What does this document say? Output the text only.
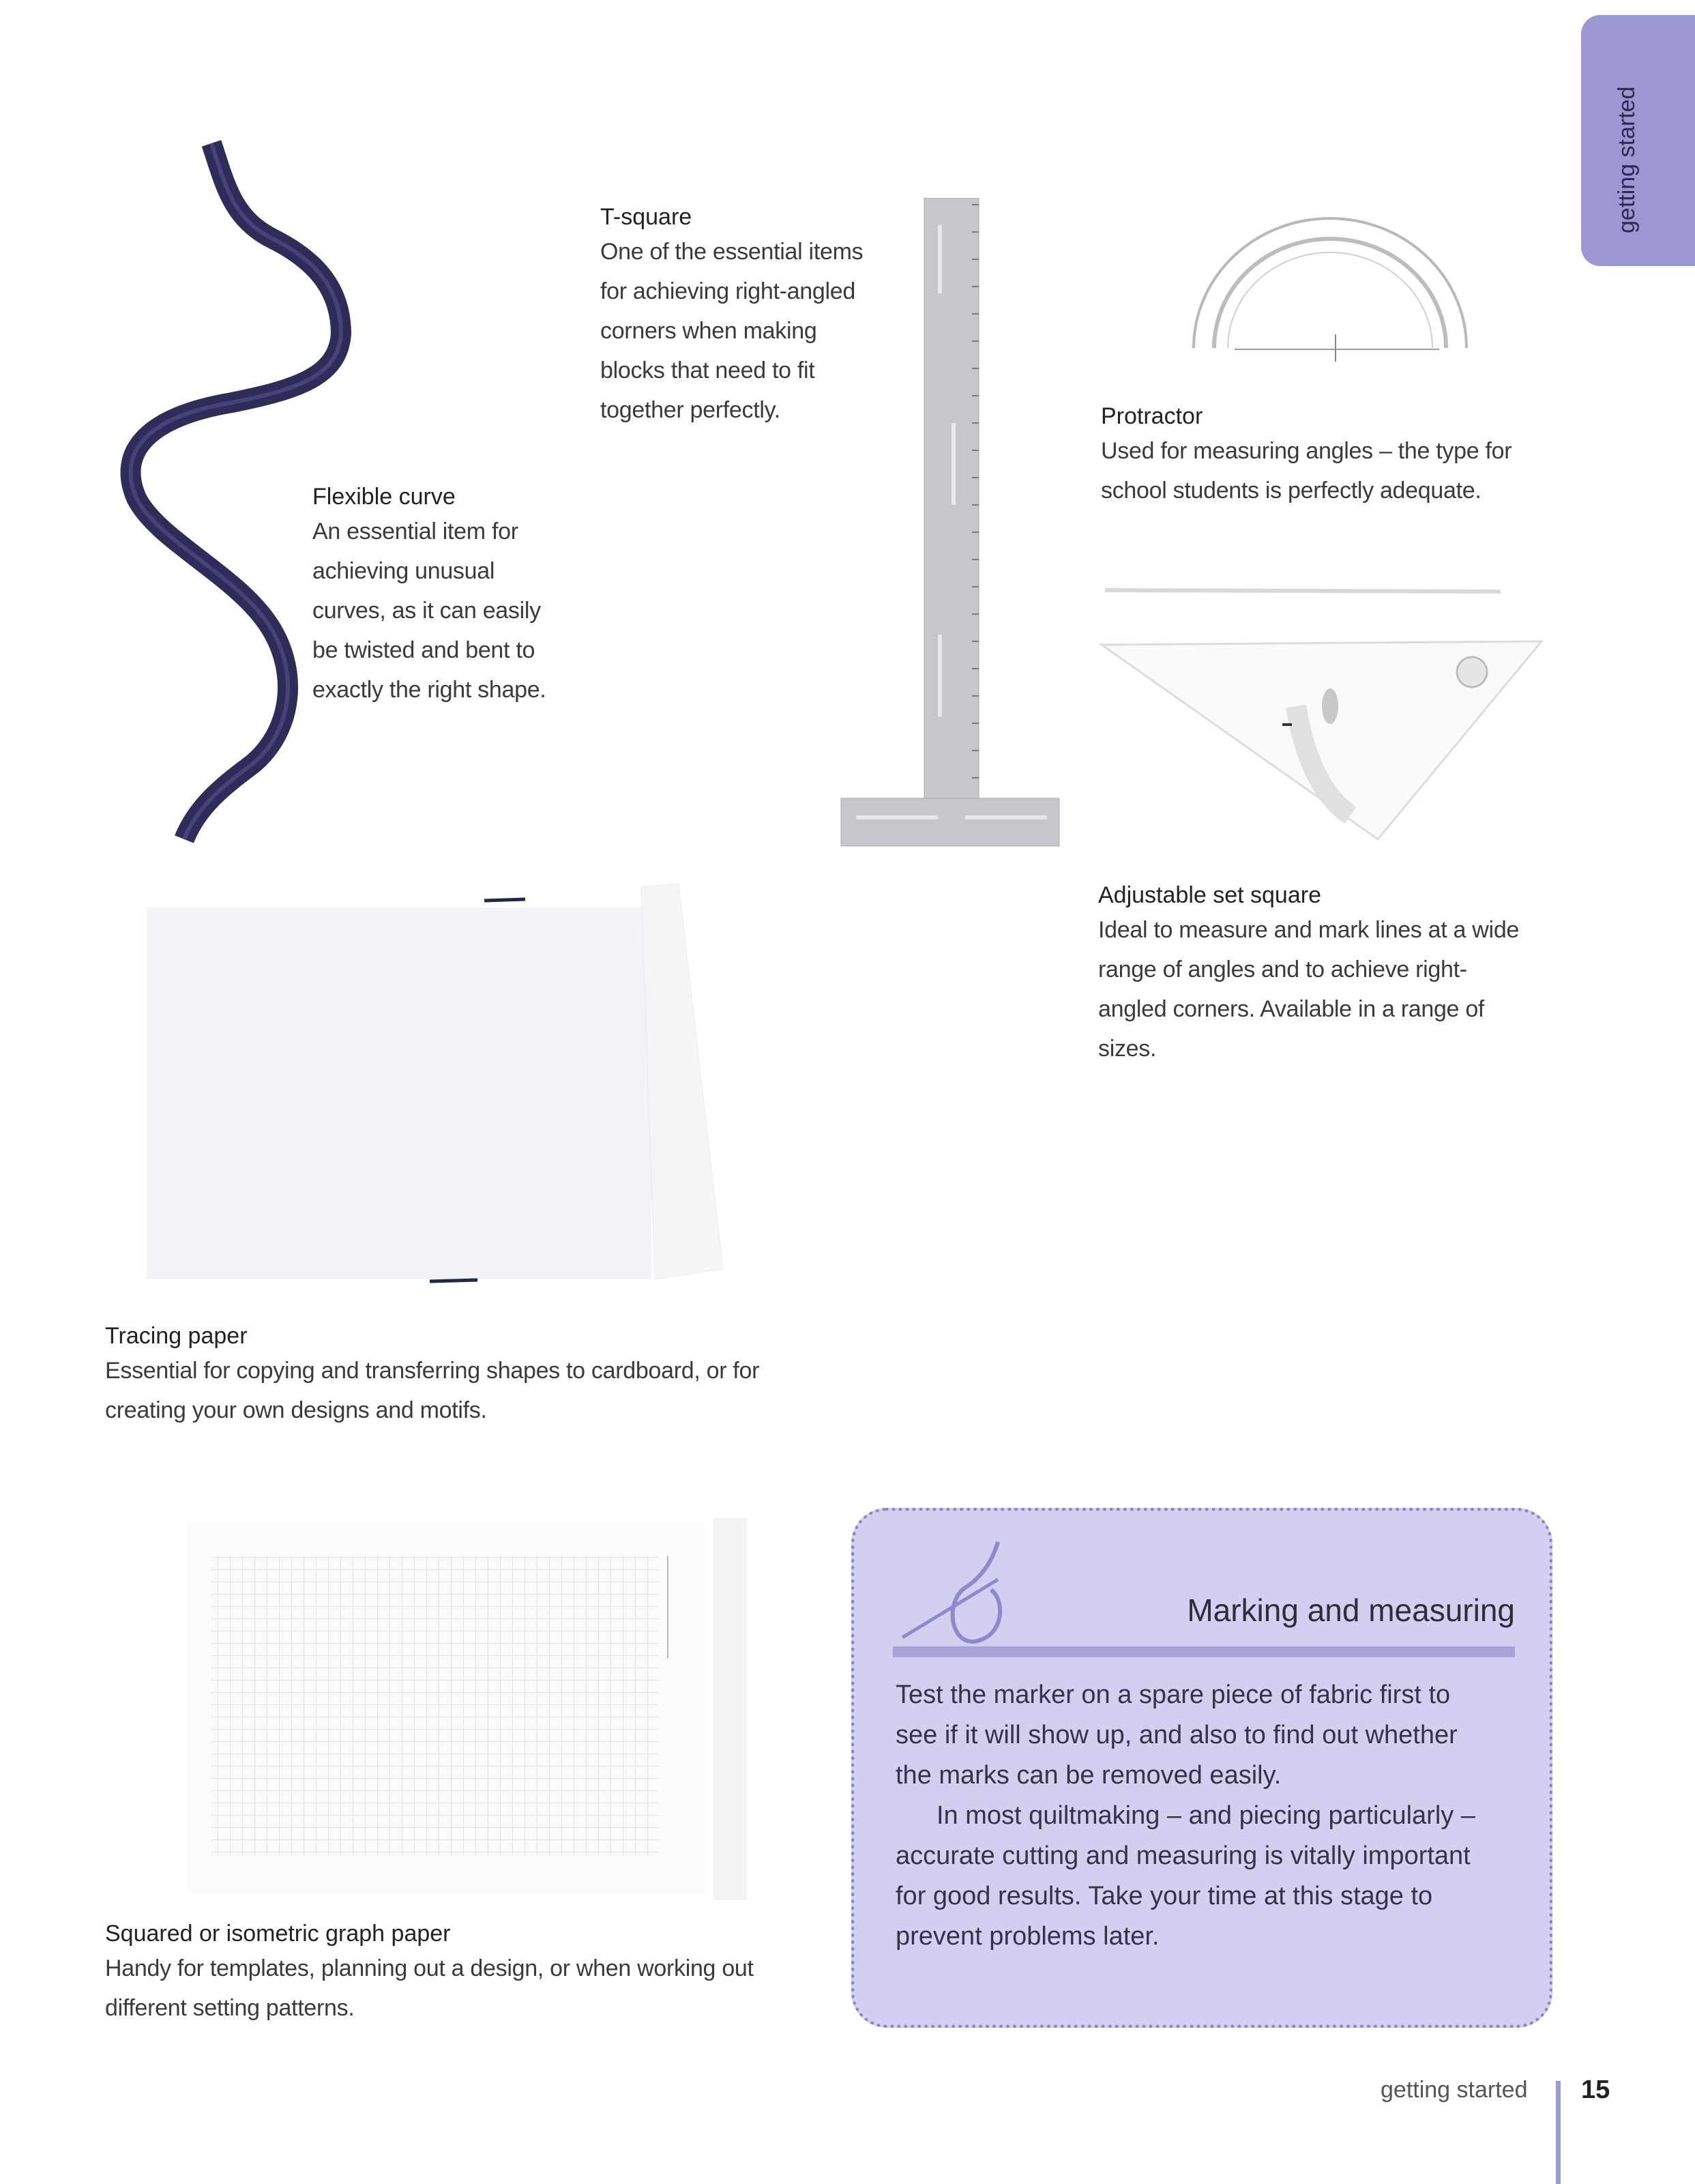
getting started
Flexible curve
An essential item for
achieving unusual
curves, as it can easily
be twisted and bent to
exactly the right shape.
T-square
One of the essential items
for achieving right-angled
corners when making
blocks that need to fit
together perfectly.	Protractor
Used for measuring angles – the type for
school students is perfectly adequate.
Adjustable set square
Ideal to measure and mark lines at a wide
range of angles and to achieve right-
angled corners. Available in a range of
sizes.
Tracing paper
Essential for copying and transferring shapes to cardboard, or for
creating your own designs and motifs.
Squared or isometric graph paper
Handy for templates, planning out a design, or when working out
different setting patterns.
Marking and measuring
Test the marker on a spare piece of fabric first to
see if it will show up, and also to find out whether
the marks can be removed easily.
In most quiltmaking – and piecing particularly –
accurate cutting and measuring is vitally important
for good results. Take your time at this stage to
prevent problems later.
getting started 15
